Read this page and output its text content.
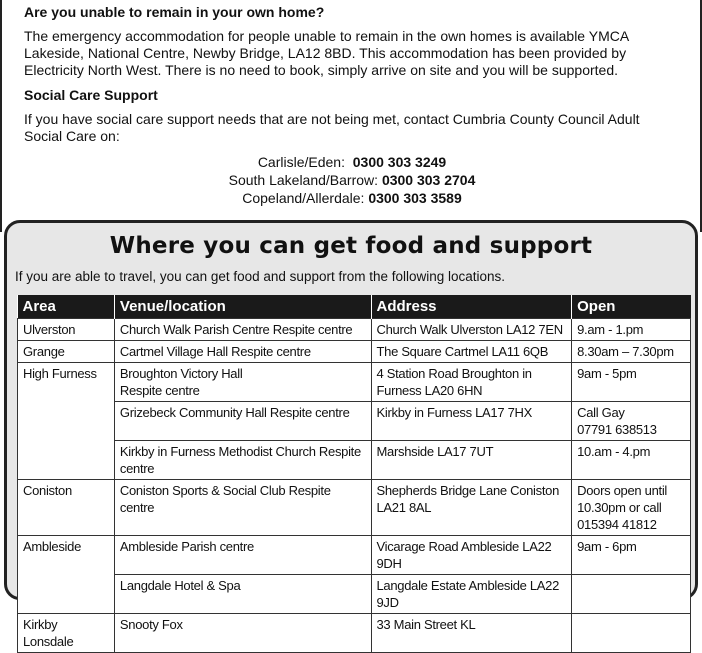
Are you unable to remain in your own home?

The emergency accommodation for people unable to remain in the own homes is available YMCA Lakeside, National Centre, Newby Bridge, LA12 8BD. This accommodation has been provided by Electricity North West. There is no need to book, simply arrive on site and you will be supported.

Social Care Support

If you have social care support needs that are not being met, contact Cumbria County Council Adult Social Care on:

Carlisle/Eden: 0300 303 3249
South Lakeland/Barrow: 0300 303 2704
Copeland/Allerdale: 0300 303 3589
Where you can get food and support
If you are able to travel, you can get food and support from the following locations.
Area	Venue/location	Address	Open
Ulverston	Church Walk Parish Centre Respite centre	Church Walk Ulverston LA12 7EN	9.am - 1.pm
Grange	Cartmel Village Hall Respite centre	The Square Cartmel LA11 6QB	8.30am – 7.30pm
High Furness	Broughton Victory Hall
Respite centre	4 Station Road Broughton in Furness LA20 6HN	9am - 5pm
	Grizebeck Community Hall Respite centre	Kirkby in Furness LA17 7HX	Call Gay
07791 638513
	Kirkby in Furness Methodist Church Respite centre	Marshside LA17 7UT	10.am - 4.pm
Coniston	Coniston Sports & Social Club Respite centre	Shepherds Bridge Lane Coniston
LA21 8AL	Doors open until
10.30pm or call
015394 41812
Ambleside	Ambleside Parish centre	Vicarage Road Ambleside LA22 9DH	9am - 6pm
	Langdale Hotel & Spa	Langdale Estate Ambleside LA22 9JD	
Kirkby Lonsdale	Snooty Fox	33 Main Street KL	
